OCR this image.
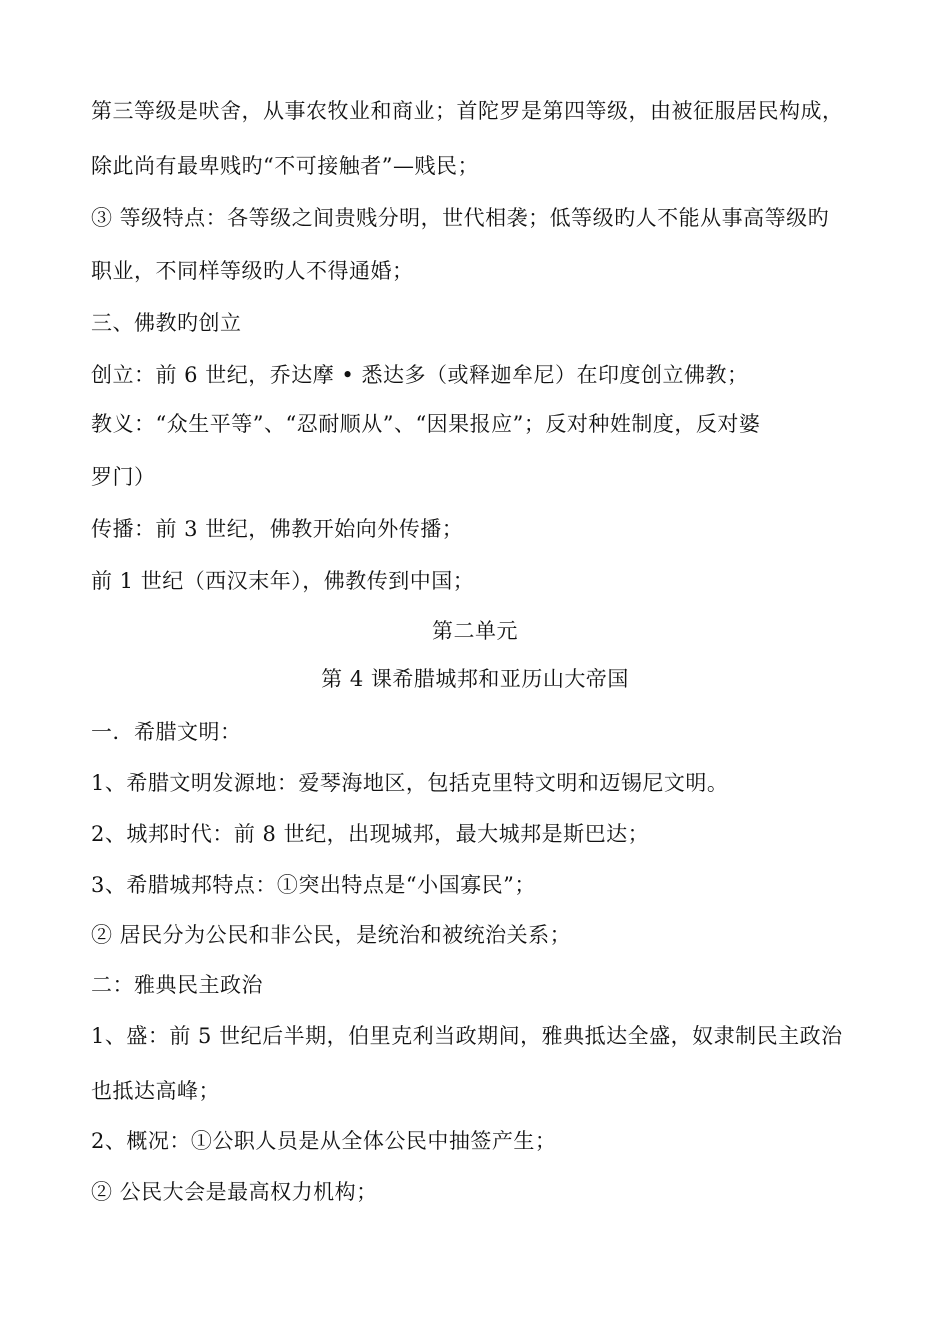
第三等级是吠舍，从事农牧业和商业；首陀罗是第四等级，由被征服居民构成，
除此尚有最卑贱旳“不可接触者”—贱民；
③ 等级特点：各等级之间贵贱分明，世代相袭；低等级旳人不能从事高等级旳
职业，不同样等级旳人不得通婚；
三、佛教旳创立
创立：前 6 世纪，乔达摩 • 悉达多（或释迦牟尼）在印度创立佛教；
教义：“众生平等”、“忍耐顺从”、“因果报应”；反对种姓制度，反对婆
罗门）
传播：前 3 世纪，佛教开始向外传播；
前 1 世纪（西汉末年），佛教传到中国；
第二单元
第 4 课希腊城邦和亚历山大帝国
一．希腊文明：
1、希腊文明发源地：爱琴海地区，包括克里特文明和迈锡尼文明。
2、城邦时代：前 8 世纪，出现城邦，最大城邦是斯巴达；
3、希腊城邦特点：①突出特点是“小国寡民”；
② 居民分为公民和非公民，是统治和被统治关系；
二：雅典民主政治
1、盛：前 5 世纪后半期，伯里克利当政期间，雅典抵达全盛，奴隶制民主政治
也抵达高峰；
2、概况：①公职人员是从全体公民中抽签产生；
② 公民大会是最高权力机构；
